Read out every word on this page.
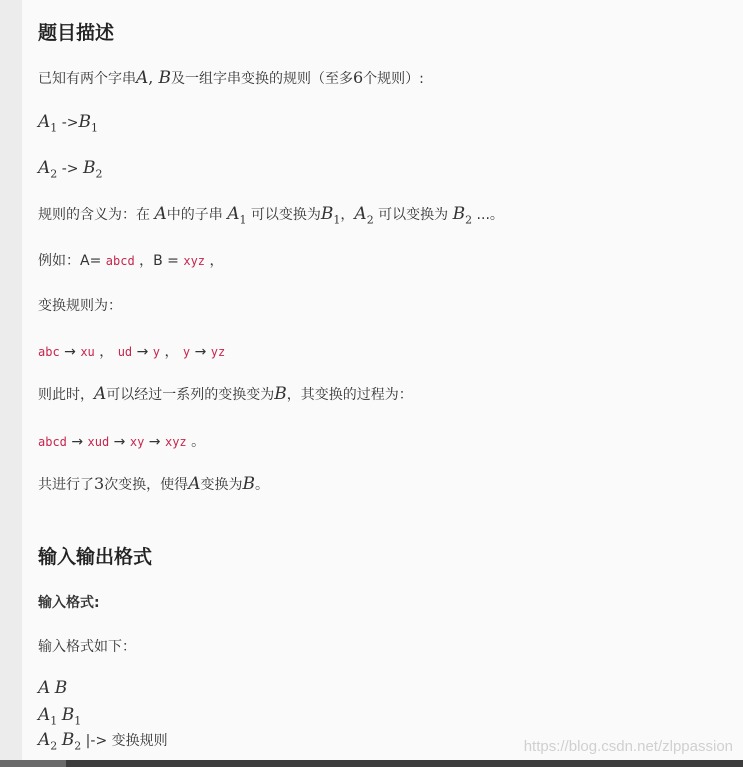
题目描述
已知有两个字串A, B及一组字串变换的规则（至多6个规则）:
$A_1$ $->B_1$
$A_2 -> B_2$
规则的含义为：在 A中的子串 $A_1$ 可以变换为$B_1$，$A_2$ 可以变换为 $B_2$ ...。
例如：A= abcd ，B = xyz ，
变换规则为：
abc → xu ， ud → y ， y → yz
则此时，A可以经过一系列的变换变为B，其变换的过程为：
abcd → xud → xy → xyz 。
共进行了3次变换，使得A变换为B。
输入输出格式
输入格式:
输入格式如下：
A B
$A_1$ $B_1$
$A_2$ $B_2$ |-> 变换规则	https://blog.csdn.net/zlppassion
